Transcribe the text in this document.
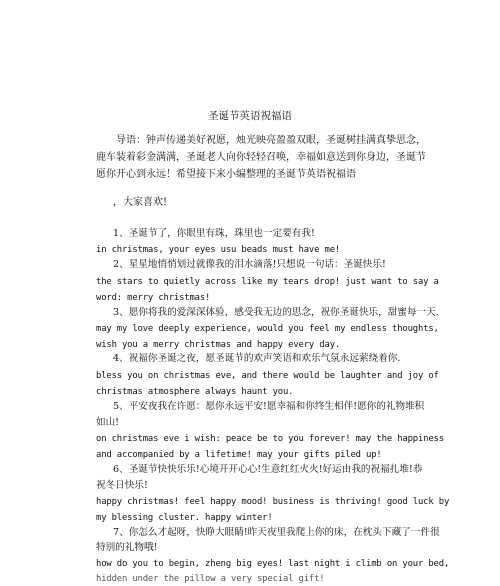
圣诞节英语祝福语
导语：钟声传递美好祝愿，烛光映亮盈盈双眼，圣诞树挂满真挚思念，鹿车装着彩金满满，圣诞老人向你轻轻召唤，幸福如意送到你身边，圣诞节愿你开心到永远！希望接下来小编整理的圣诞节英语祝福语
，大家喜欢!
1、圣诞节了，你眼里有珠，珠里也一定要有我!
in christmas, your eyes usu beads must have me!
2、星星地悄悄划过就像我的泪水滴落!只想说一句话：圣诞快乐!
the stars to quietly across like my tears drop! just want to say a
word: merry christmas!
3、愿你将我的爱深深体验，感受我无边的思念，祝你圣诞快乐，甜蜜每一天.
may my love deeply experience, would you feel my endless thoughts,
wish you a merry christmas and happy every day.
4、祝福你圣诞之夜，愿圣诞节的欢声笑语和欢乐气氛永远萦绕着你.
bless you on christmas eve, and there would be laughter and joy of
christmas atmosphere always haunt you.
5、平安夜我在许愿：愿你永远平安!愿幸福和你终生相伴!愿你的礼物堆积
如山!
on christmas eve i wish: peace be to you forever! may the happiness
and accompanied by a lifetime! may your gifts piled up!
6、圣诞节快快乐乐!心境开开心心!生意红红火火!好运由我的祝福扎堆!恭
祝冬日快乐!
happy christmas! feel happy mood! business is thriving! good luck by
my blessing cluster. happy winter!
7、你怎么才起呀，快睁大眼睛!昨天夜里我爬上你的床，在枕头下藏了一件很
特别的礼物哦!
how do you to begin, zheng big eyes! last night i climb on your bed,
hidden under the pillow a very special gift!
